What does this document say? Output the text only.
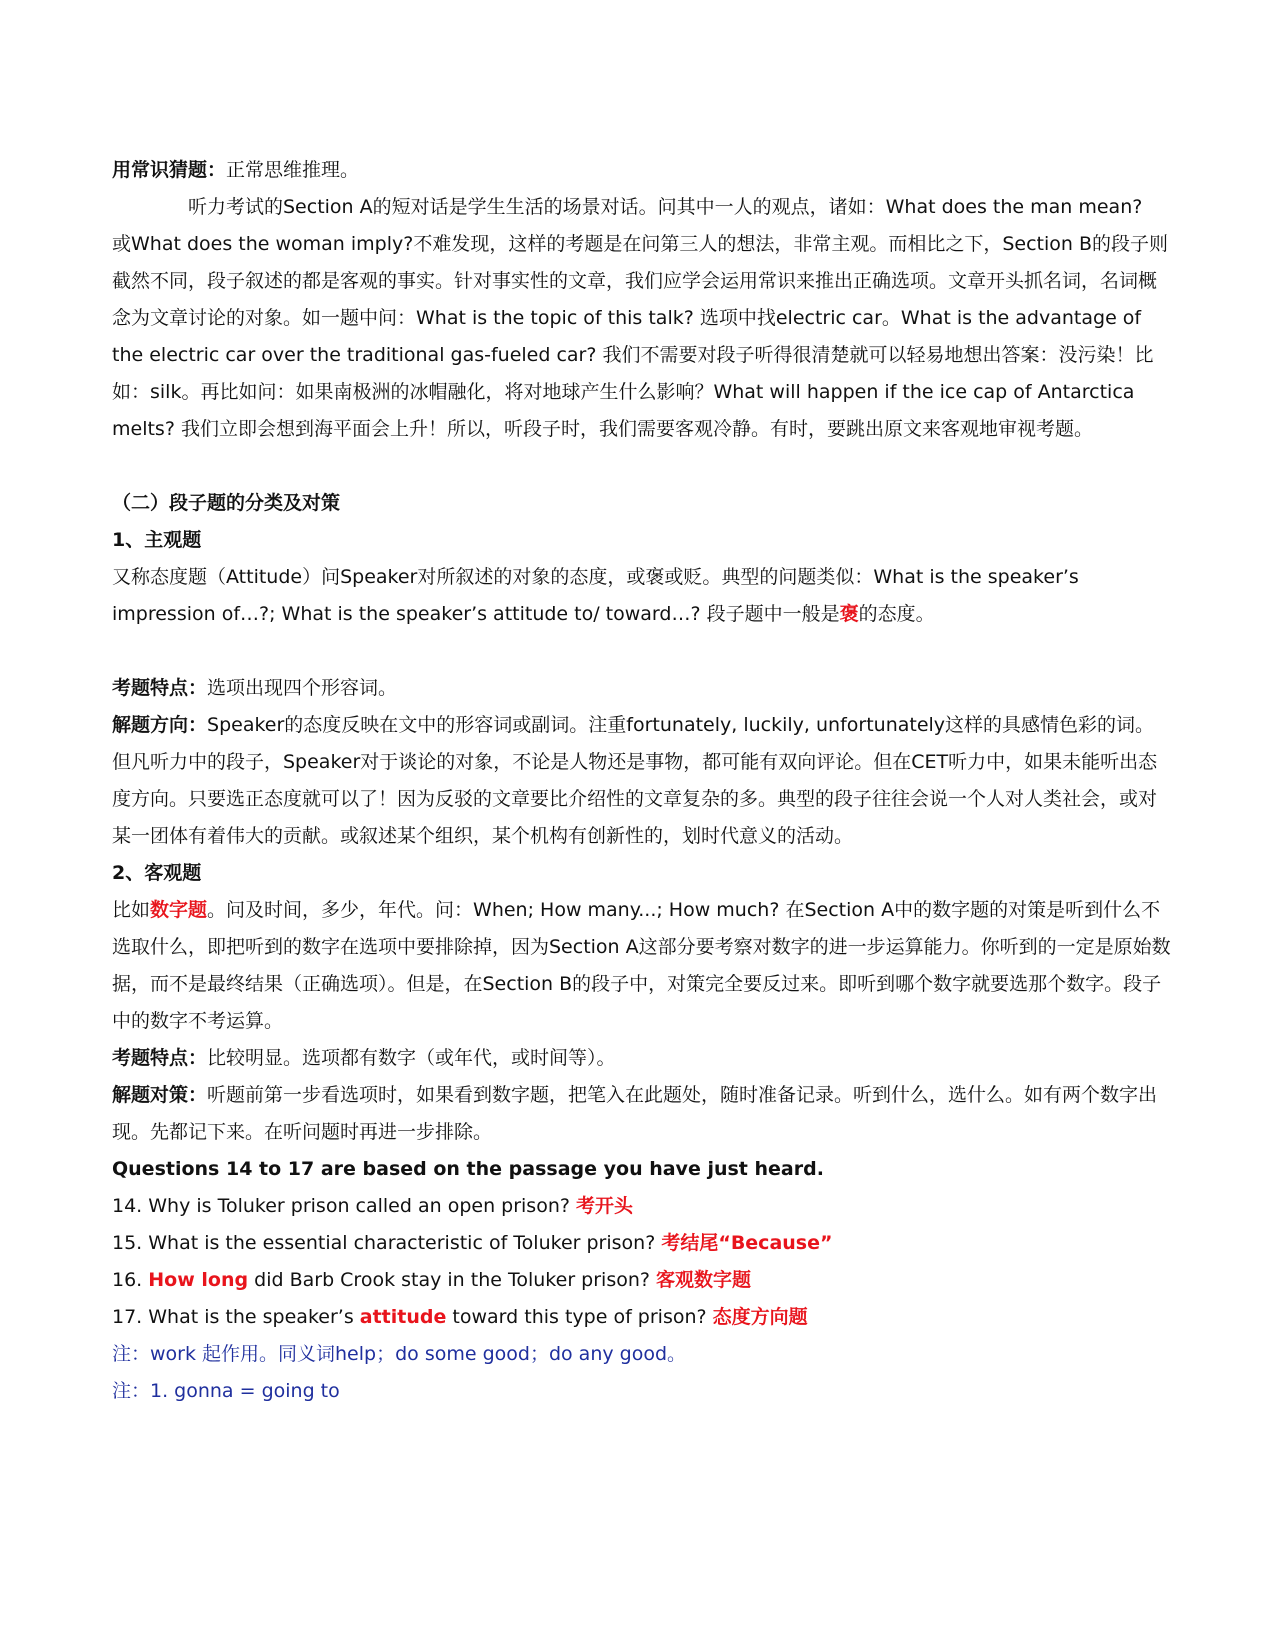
用常识猜题：正常思维推理。

听力考试的Section A的短对话是学生生活的场景对话。问其中一人的观点，诸如：What does the man mean?　或What does the woman imply?不难发现，这样的考题是在问第三人的想法，非常主观。而相比之下，Section B的段子则截然不同，段子叙述的都是客观的事实。针对事实性的文章，我们应学会运用常识来推出正确选项。文章开头抓名词，名词概念为文章讨论的对象。如一题中问：What is the topic of this talk? 选项中找electric car。What is the advantage of the electric car over the traditional gas-fueled car? 我们不需要对段子听得很清楚就可以轻易地想出答案：没污染！比如：silk。再比如问：如果南极洲的冰帽融化，将对地球产生什么影响？What will happen if the ice cap of Antarctica melts? 我们立即会想到海平面会上升！所以，听段子时，我们需要客观冷静。有时，要跳出原文来客观地审视考题。

（二）段子题的分类及对策

1、主观题

又称态度题（Attitude）问Speaker对所叙述的对象的态度，或褒或贬。典型的问题类似：What is the speaker’s impression of…?; What is the speaker’s attitude to/ toward…? 段子题中一般是褒的态度。

考题特点：选项出现四个形容词。

解题方向：Speaker的态度反映在文中的形容词或副词。注重fortunately, luckily, unfortunately这样的具感情色彩的词。但凡听力中的段子，Speaker对于谈论的对象，不论是人物还是事物，都可能有双向评论。但在CET听力中，如果未能听出态度方向。只要选正态度就可以了！因为反驳的文章要比介绍性的文章复杂的多。典型的段子往往会说一个人对人类社会，或对某一团体有着伟大的贡献。或叙述某个组织，某个机构有创新性的，划时代意义的活动。

2、客观题

比如数字题。问及时间，多少，年代。问：When; How many...; How much? 在Section A中的数字题的对策是听到什么不选取什么，即把听到的数字在选项中要排除掉，因为Section A这部分要考察对数字的进一步运算能力。你听到的一定是原始数据，而不是最终结果（正确选项）。但是，在Section B的段子中，对策完全要反过来。即听到哪个数字就要选那个数字。段子中的数字不考运算。

考题特点：比较明显。选项都有数字（或年代，或时间等）。

解题对策：听题前第一步看选项时，如果看到数字题，把笔入在此题处，随时准备记录。听到什么，选什么。如有两个数字出现。先都记下来。在听问题时再进一步排除。

Questions 14 to 17 are based on the passage you have just heard.

14. Why is Toluker prison called an open prison? 考开头

15. What is the essential characteristic of Toluker prison? 考结尾“Because”

16. How long did Barb Crook stay in the Toluker prison? 客观数字题

17. What is the speaker’s attitude toward this type of prison? 态度方向题

注：work 起作用。同义词help；do some good；do any good。

注：1. gonna = going to
